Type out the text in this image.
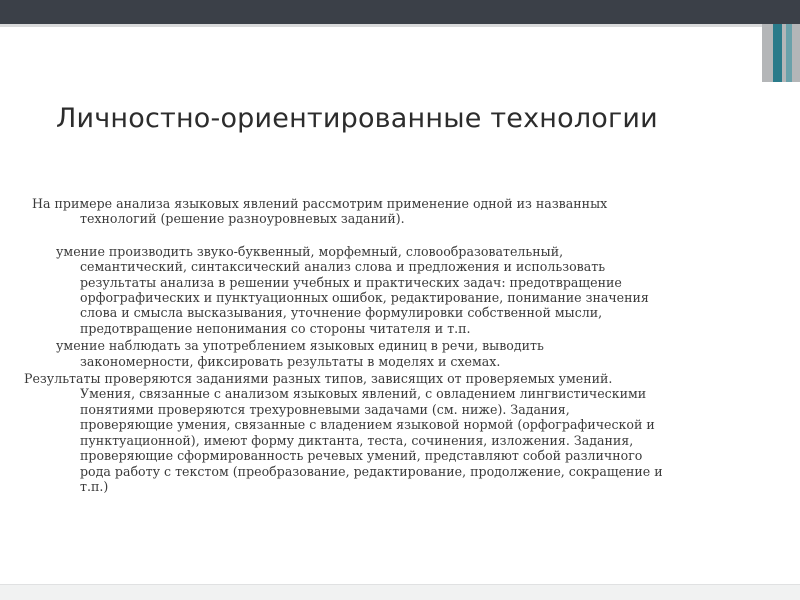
Личностно-ориентированные технологии
На примере анализа языковых явлений рассмотрим применение одной из названных
технологий (решение разноуровневых заданий).
умение производить звуко-буквенный, морфемный, словообразовательный,
семантический, синтаксический анализ слова и предложения и использовать
результаты анализа в решении учебных и практических задач: предотвращение
орфографических и пунктуационных ошибок, редактирование, понимание значения
слова и смысла высказывания, уточнение формулировки собственной мысли,
предотвращение непонимания со стороны читателя и т.п.
умение наблюдать за употреблением языковых единиц в речи, выводить
закономерности, фиксировать результаты в моделях и схемах.
Результаты проверяются заданиями разных типов, зависящих от проверяемых умений.
Умения, связанные с анализом языковых явлений, с овладением лингвистическими
понятиями проверяются трехуровневыми задачами (см. ниже). Задания,
проверяющие умения, связанные с владением языковой нормой (орфографической и
пунктуационной), имеют форму диктанта, теста, сочинения, изложения. Задания,
проверяющие сформированность речевых умений, представляют собой различного
рода работу с текстом (преобразование, редактирование, продолжение, сокращение и
т.п.)
